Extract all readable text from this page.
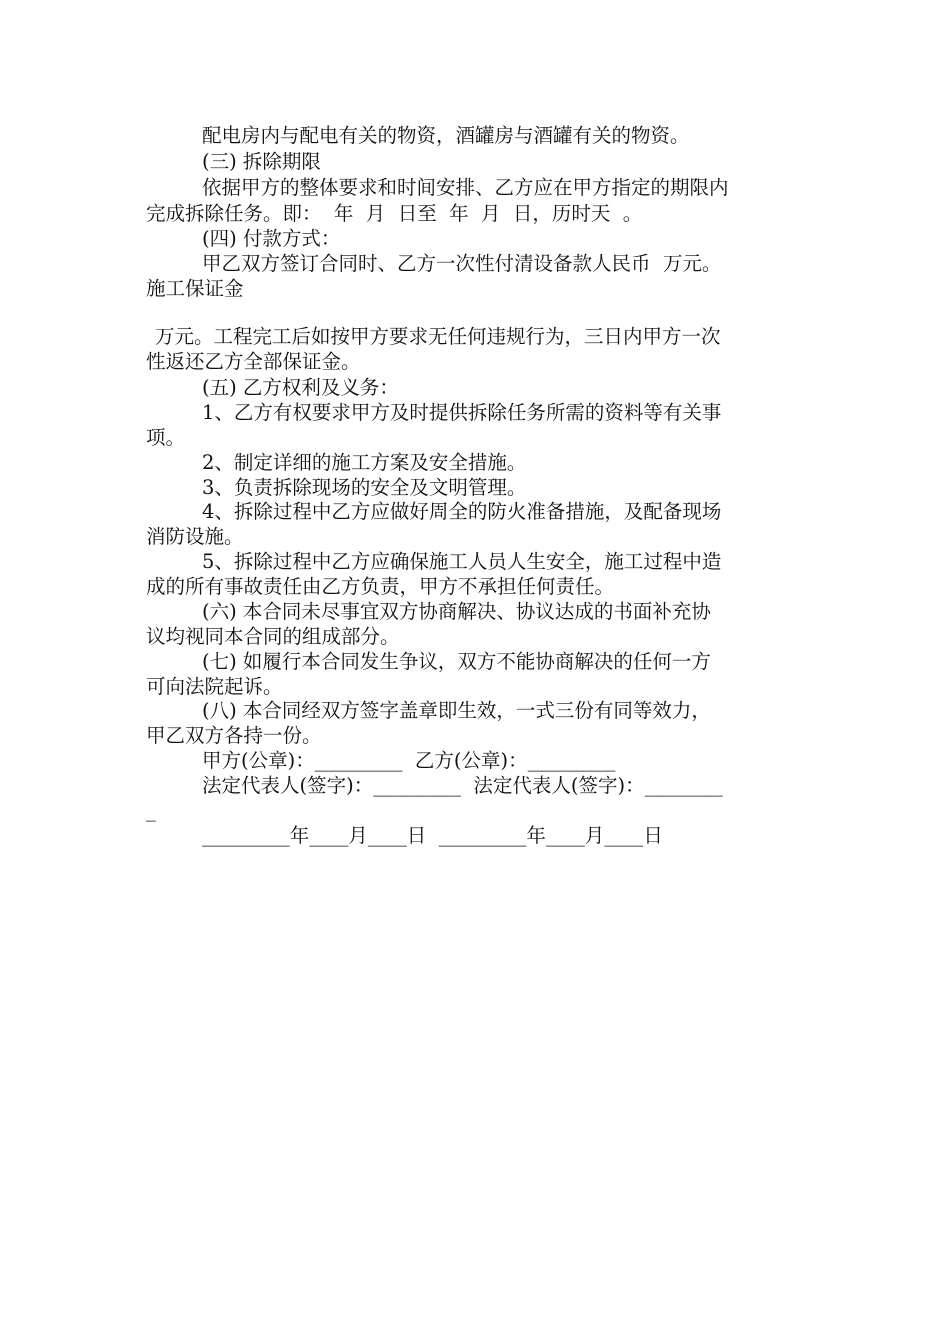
配电房内与配电有关的物资，酒罐房与酒罐有关的物资。
(三) 拆除期限
依据甲方的整体要求和时间安排、乙方应在甲方指定的期限内
完成拆除任务。即：  年  月  日至  年  月  日，历时天  。
(四) 付款方式：
甲乙双方签订合同时、乙方一次性付清设备款人民币  万元。
施工保证金
万元。工程完工后如按甲方要求无任何违规行为，三日内甲方一次
性返还乙方全部保证金。
(五) 乙方权利及义务：
1、乙方有权要求甲方及时提供拆除任务所需的资料等有关事
项。
2、制定详细的施工方案及安全措施。
3、负责拆除现场的安全及文明管理。
4、拆除过程中乙方应做好周全的防火准备措施，及配备现场
消防设施。
5、拆除过程中乙方应确保施工人员人生安全，施工过程中造
成的所有事故责任由乙方负责，甲方不承担任何责任。
(六) 本合同未尽事宜双方协商解决、协议达成的书面补充协
议均视同本合同的组成部分。
(七) 如履行本合同发生争议，双方不能协商解决的任何一方
可向法院起诉。
(八) 本合同经双方签字盖章即生效，一式三份有同等效力，
甲乙双方各持一份。
甲方(公章)：_________  乙方(公章)：_________
法定代表人(签字)：_________  法定代表人(签字)：________
_
_________年____月____日  _________年____月____日
